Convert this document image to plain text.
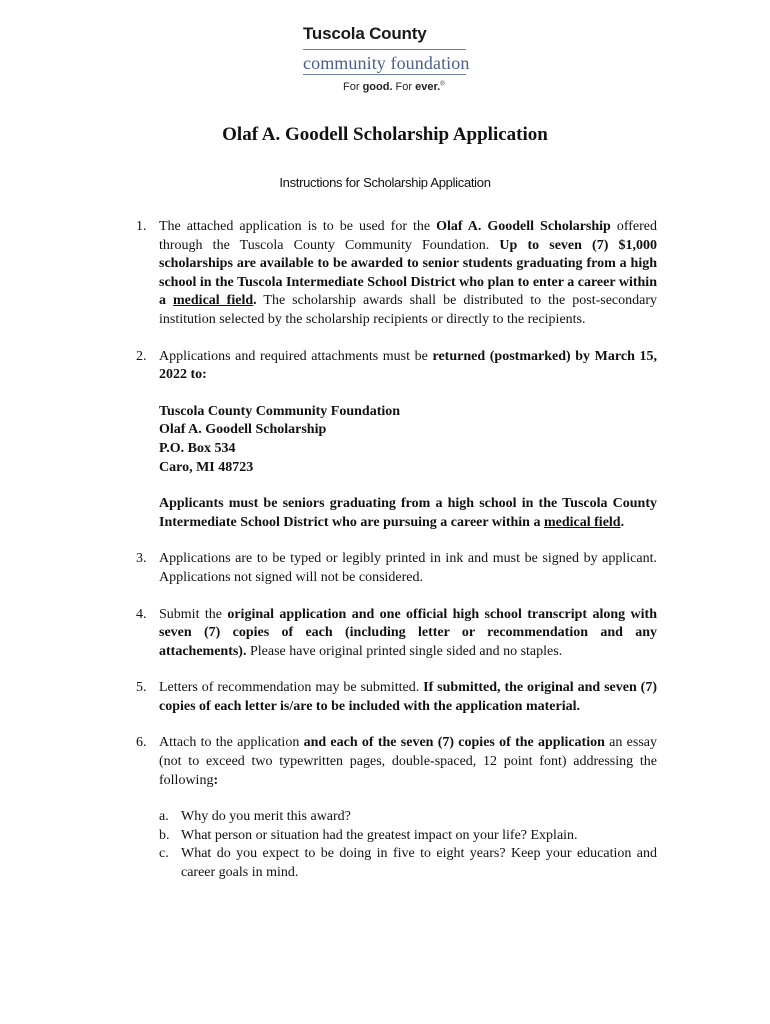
Tuscola County
community foundation
For good. For ever.®
Olaf A. Goodell Scholarship Application
Instructions for Scholarship Application
1. The attached application is to be used for the Olaf A. Goodell Scholarship offered through the Tuscola County Community Foundation. Up to seven (7) $1,000 scholarships are available to be awarded to senior students graduating from a high school in the Tuscola Intermediate School District who plan to enter a career within a medical field. The scholarship awards shall be distributed to the post-secondary institution selected by the scholarship recipients or directly to the recipients.
2. Applications and required attachments must be returned (postmarked) by March 15, 2022 to:
Tuscola County Community Foundation
Olaf A. Goodell Scholarship
P.O. Box 534
Caro, MI 48723
Applicants must be seniors graduating from a high school in the Tuscola County Intermediate School District who are pursuing a career within a medical field.
3. Applications are to be typed or legibly printed in ink and must be signed by applicant. Applications not signed will not be considered.
4. Submit the original application and one official high school transcript along with seven (7) copies of each (including letter or recommendation and any attachements). Please have original printed single sided and no staples.
5. Letters of recommendation may be submitted. If submitted, the original and seven (7) copies of each letter is/are to be included with the application material.
6. Attach to the application and each of the seven (7) copies of the application an essay (not to exceed two typewritten pages, double-spaced, 12 point font) addressing the following:
a. Why do you merit this award?
b. What person or situation had the greatest impact on your life? Explain.
c. What do you expect to be doing in five to eight years? Keep your education and career goals in mind.
